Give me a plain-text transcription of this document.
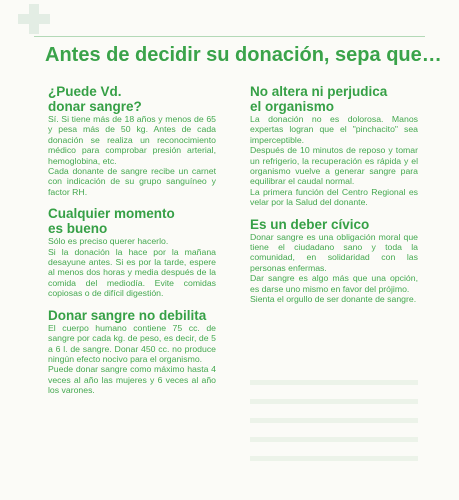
Antes de decidir su donación, sepa que…
¿Puede Vd.
donar sangre?

Sí. Si tiene más de 18 años y menos de 65 y pesa más de 50 kg. Antes de cada donación se realiza un reconocimiento médico para comprobar presión arterial, hemoglobina, etc.

Cada donante de sangre recibe un carnet con indicación de su grupo sanguíneo y factor RH.

Cualquier momento
es bueno

Sólo es preciso querer hacerlo.

Si la donación la hace por la mañana desayune antes. Si es por la tarde, espere al menos dos horas y media después de la comida del mediodía. Evite comidas copiosas o de difícil digestión.

Donar sangre no debilita

El cuerpo humano contiene 75 cc. de sangre por cada kg. de peso, es decir, de 5 a 6 l. de sangre. Donar 450 cc. no produce ningún efecto nocivo para el organismo.

Puede donar sangre como máximo hasta 4 veces al año las mujeres y 6 veces al año los varones.

No altera ni perjudica
el organismo

La donación no es dolorosa. Manos expertas logran que el "pinchacito" sea imperceptible.

Después de 10 minutos de reposo y tomar un refrigerio, la recuperación es rápida y el organismo vuelve a generar sangre para equilibrar el caudal normal.

La primera función del Centro Regional es velar por la Salud del donante.

Es un deber cívico

Donar sangre es una obligación moral que tiene el ciudadano sano y toda la comunidad, en solidaridad con las personas enfermas.

Dar sangre es algo más que una opción, es darse uno mismo en favor del prójimo.

Sienta el orgullo de ser donante de sangre.
